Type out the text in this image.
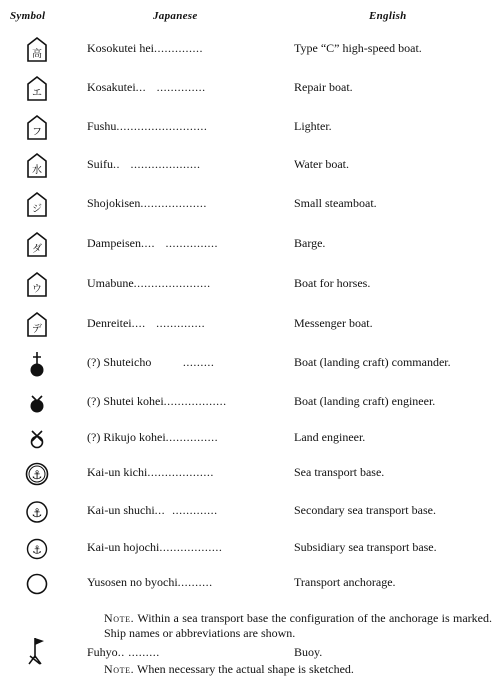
Symbol	Japanese	English
高	Kosokutei hei..............	Type “C” high-speed boat.
エ	Kosakutei...   ..............	Repair boat.
フ	Fushu..........................	Lighter.
水	Suifu..   ....................	Water boat.
ジ	Shojokisen...................	Small steamboat.
ダ	Dampeisen....   ...............	Barge.
ウ	Umabune......................	Boat for horses.
デ	Denreitei....   ..............	Messenger boat.
(?) Shuteicho         .........	Boat (landing craft) commander.
(?) Shutei kohei..................	Boat (landing craft) engineer.
(?) Rikujo kohei...............	Land engineer.
⚓	Kai-un kichi...................	Sea transport base.
⚓	Kai-un shuchi...  .............	Secondary sea transport base.
⚓	Kai-un hojochi..................	Subsidiary sea transport base.
Yusosen no byochi..........	Transport anchorage.
Note. Within a sea transport base the configuration of the anchorage is marked. Ship names or abbreviations are shown.
Fuhyo.. .........	Buoy.
Note. When necessary the actual shape is sketched.
